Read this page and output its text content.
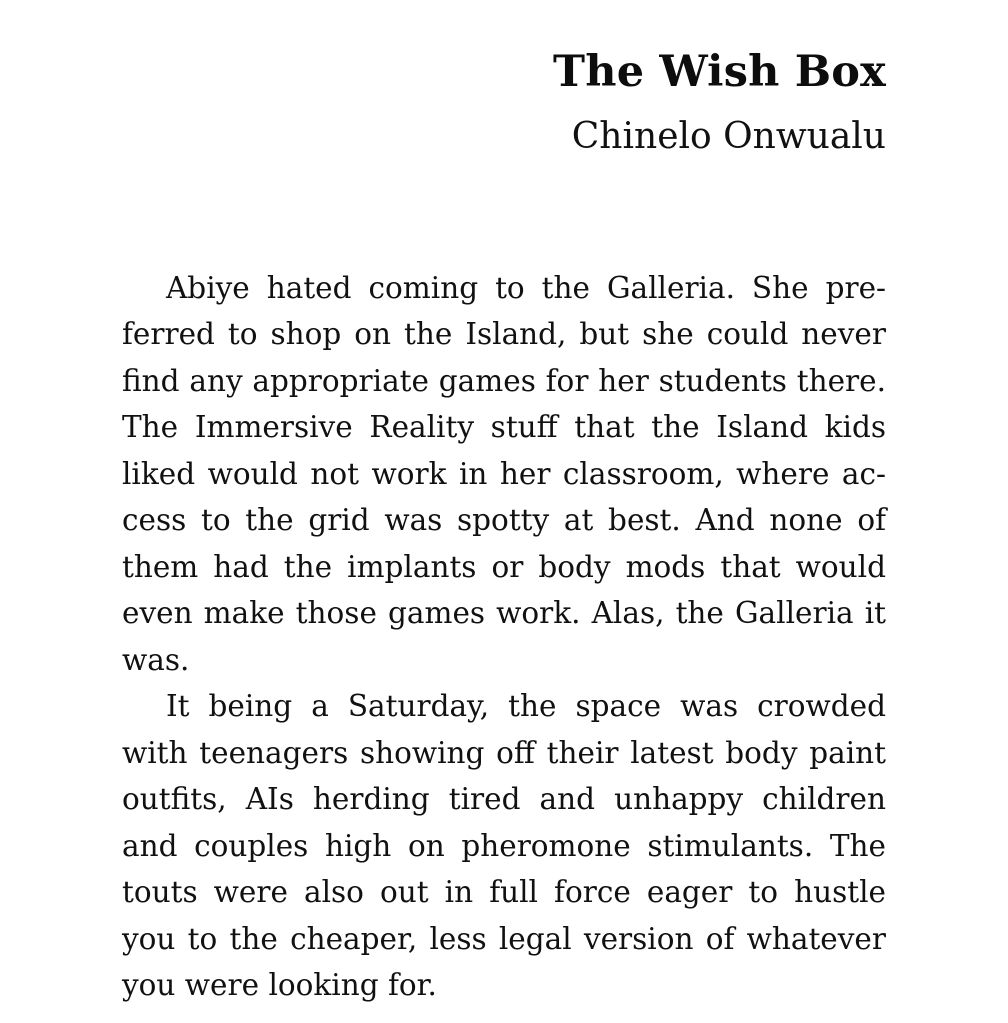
The Wish Box
Chinelo Onwualu

Abiye hated coming to the Galleria. She preferred to shop on the Island, but she could never find any appropriate games for her students there. The Immersive Reality stuff that the Island kids liked would not work in her classroom, where access to the grid was spotty at best. And none of them had the implants or body mods that would even make those games work. Alas, the Galleria it was.

It being a Saturday, the space was crowded with teenagers showing off their latest body paint outfits, AIs herding tired and unhappy children and couples high on pheromone stimulants. The touts were also out in full force eager to hustle you to the cheaper, less legal version of whatever you were looking for.
